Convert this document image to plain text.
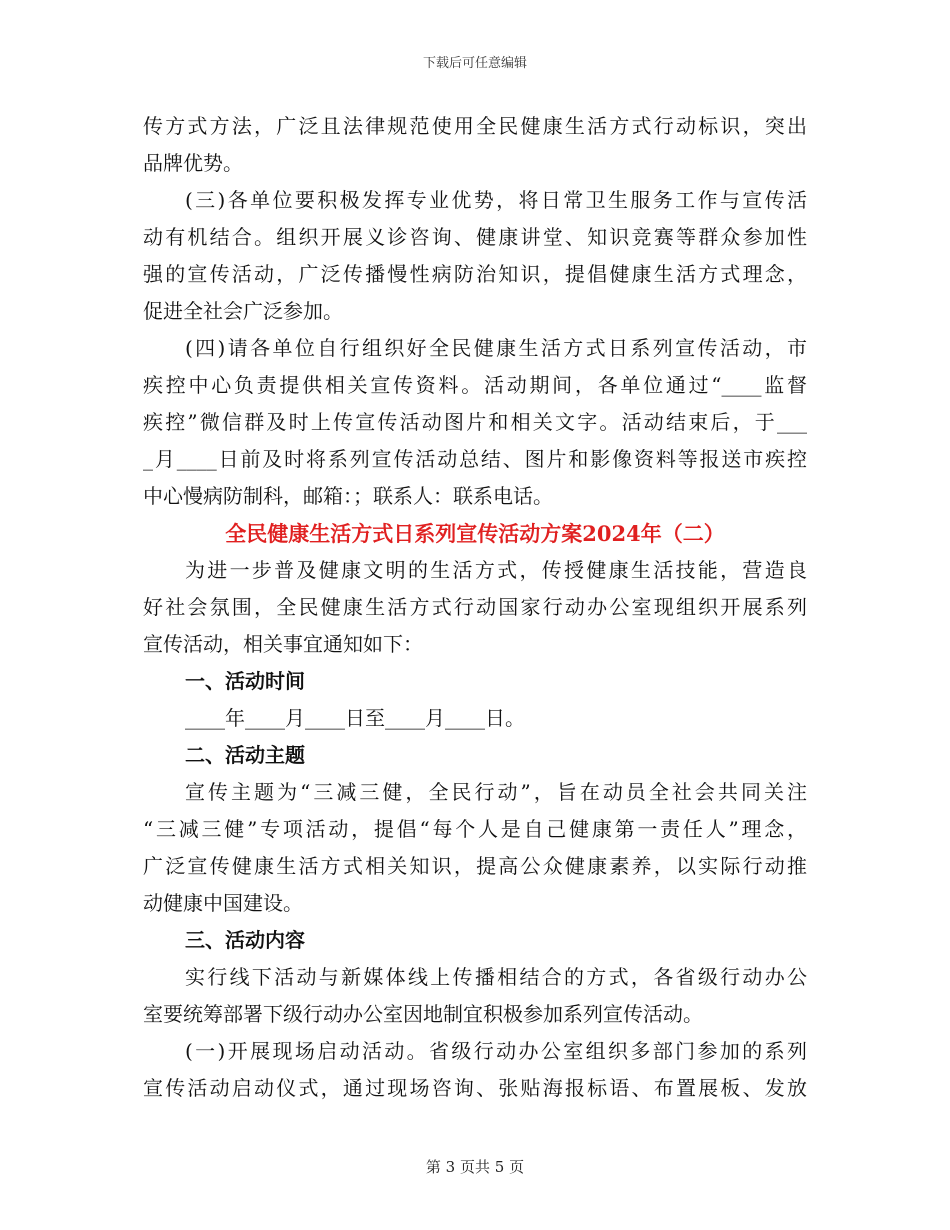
下载后可任意编辑
传方式方法，广泛且法律规范使用全民健康生活方式行动标识，突出
品牌优势。
(三)各单位要积极发挥专业优势，将日常卫生服务工作与宣传活
动有机结合。组织开展义诊咨询、健康讲堂、知识竞赛等群众参加性
强的宣传活动，广泛传播慢性病防治知识，提倡健康生活方式理念，
促进全社会广泛参加。
(四)请各单位自行组织好全民健康生活方式日系列宣传活动，市
疾控中心负责提供相关宣传资料。活动期间，各单位通过“____监督
疾控”微信群及时上传宣传活动图片和相关文字。活动结束后，于___
_月____日前及时将系列宣传活动总结、图片和影像资料等报送市疾控
中心慢病防制科，邮箱：；联系人：联系电话。
全民健康生活方式日系列宣传活动方案2024年（二）
为进一步普及健康文明的生活方式，传授健康生活技能，营造良
好社会氛围，全民健康生活方式行动国家行动办公室现组织开展系列
宣传活动，相关事宜通知如下：
一、活动时间
____年____月____日至____月____日。
二、活动主题
宣传主题为“三减三健，全民行动”，旨在动员全社会共同关注
“三减三健”专项活动，提倡“每个人是自己健康第一责任人”理念，
广泛宣传健康生活方式相关知识，提高公众健康素养，以实际行动推
动健康中国建设。
三、活动内容
实行线下活动与新媒体线上传播相结合的方式，各省级行动办公
室要统筹部署下级行动办公室因地制宜积极参加系列宣传活动。
(一)开展现场启动活动。省级行动办公室组织多部门参加的系列
宣传活动启动仪式，通过现场咨询、张贴海报标语、布置展板、发放
第 3 页共 5 页
